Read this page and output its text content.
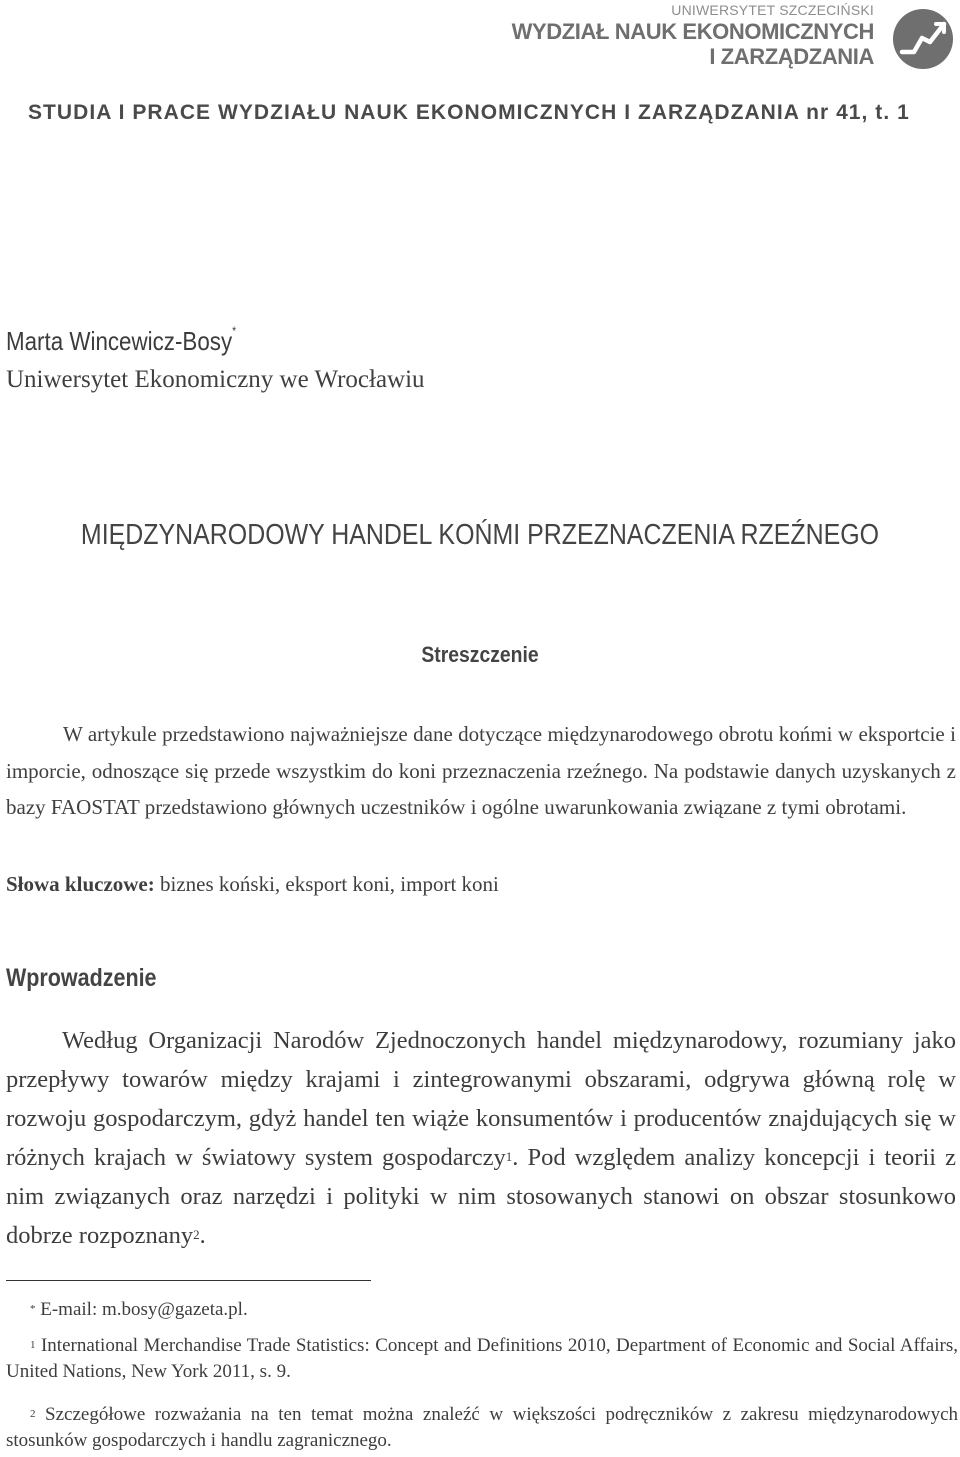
UNIWERSYTET SZCZECIŃSKI
WYDZIAŁ NAUK EKONOMICZNYCH
I ZARZĄDZANIA
STUDIA I PRACE WYDZIAŁU NAUK EKONOMICZNYCH I ZARZĄDZANIA nr 41, t. 1
Marta Wincewicz-Bosy*
Uniwersytet Ekonomiczny we Wrocławiu
MIĘDZYNARODOWY HANDEL KOŃMI PRZEZNACZENIA RZEŹNEGO
Streszczenie
W artykule przedstawiono najważniejsze dane dotyczące międzynarodowego obrotu końmi w eksportcie i imporcie, odnoszące się przede wszystkim do koni przeznaczenia rzeźnego. Na podstawie danych uzyskanych z bazy FAOSTAT przedstawiono głównych uczestników i ogólne uwarunkowania związane z tymi obrotami.
Słowa kluczowe: biznes koński, eksport koni, import koni
Wprowadzenie
Według Organizacji Narodów Zjednoczonych handel międzynarodowy, rozumiany jako przepływy towarów między krajami i zintegrowanymi obszarami, odgrywa główną rolę w rozwoju gospodarczym, gdyż handel ten wiąże konsumentów i producentów znajdujących się w różnych krajach w światowy system gospodarczy$^1$. Pod względem analizy koncepcji i teorii z nim związanych oraz narzędzi i polityki w nim stosowanych stanowi on obszar stosunkowo dobrze rozpoznany$^2$.
* E-mail: m.bosy@gazeta.pl.
$^1$ International Merchandise Trade Statistics: Concept and Definitions 2010, Department of Economic and Social Affairs, United Nations, New York 2011, s. 9.
$^2$ Szczegółowe rozważania na ten temat można znaleźć w większości podręczników z zakresu międzynarodowych stosunków gospodarczych i handlu zagranicznego.
